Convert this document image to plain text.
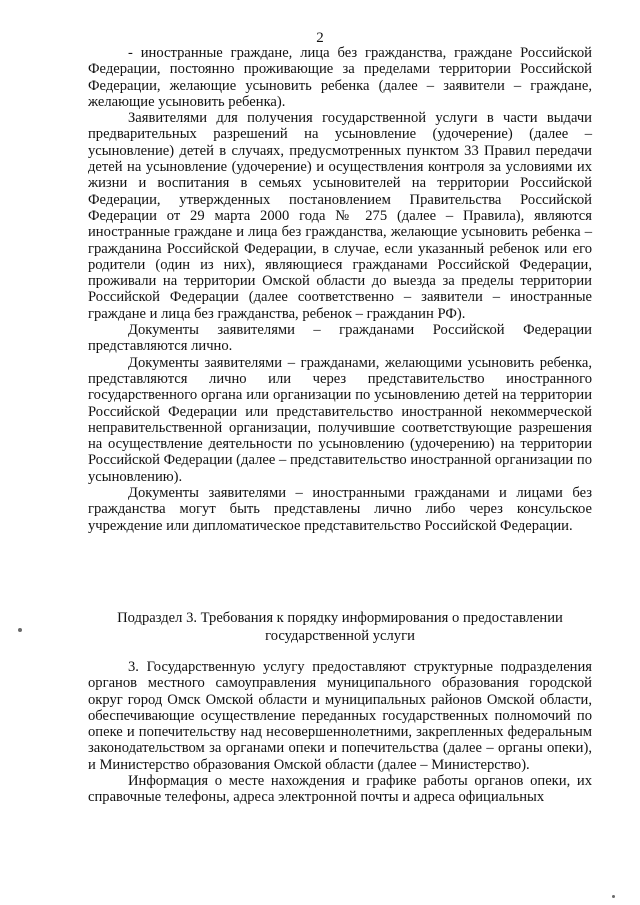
2

- иностранные граждане, лица без гражданства, граждане Российской Федерации, постоянно проживающие за пределами территории Российской Федерации, желающие усыновить ребенка (далее – заявители – граждане, желающие усыновить ребенка).

Заявителями для получения государственной услуги в части выдачи предварительных разрешений на усыновление (удочерение) (далее – усыновление) детей в случаях, предусмотренных пунктом 33 Правил передачи детей на усыновление (удочерение) и осуществления контроля за условиями их жизни и воспитания в семьях усыновителей на территории Российской Федерации, утвержденных постановлением Правительства Российской Федерации от 29 марта 2000 года № 275 (далее – Правила), являются иностранные граждане и лица без гражданства, желающие усыновить ребенка – гражданина Российской Федерации, в случае, если указанный ребенок или его родители (один из них), являющиеся гражданами Российской Федерации, проживали на территории Омской области до выезда за пределы территории Российской Федерации (далее соответственно – заявители – иностранные граждане и лица без гражданства, ребенок – гражданин РФ).

Документы заявителями – гражданами Российской Федерации представляются лично.

Документы заявителями – гражданами, желающими усыновить ребенка, представляются лично или через представительство иностранного государственного органа или организации по усыновлению детей на территории Российской Федерации или представительство иностранной некоммерческой неправительственной организации, получившие соответствующие разрешения на осуществление деятельности по усыновлению (удочерению) на территории Российской Федерации (далее – представительство иностранной организации по усыновлению).

Документы заявителями – иностранными гражданами и лицами без гражданства могут быть представлены лично либо через консульское учреждение или дипломатическое представительство Российской Федерации.

Подраздел 3. Требования к порядку информирования о предоставлении государственной услуги

3. Государственную услугу предоставляют структурные подразделения органов местного самоуправления муниципального образования городской округ город Омск Омской области и муниципальных районов Омской области, обеспечивающие осуществление переданных государственных полномочий по опеке и попечительству над несовершеннолетними, закрепленных федеральным законодательством за органами опеки и попечительства (далее – органы опеки), и Министерство образования Омской области (далее – Министерство).

Информация о месте нахождения и графике работы органов опеки, их справочные телефоны, адреса электронной почты и адреса официальных
